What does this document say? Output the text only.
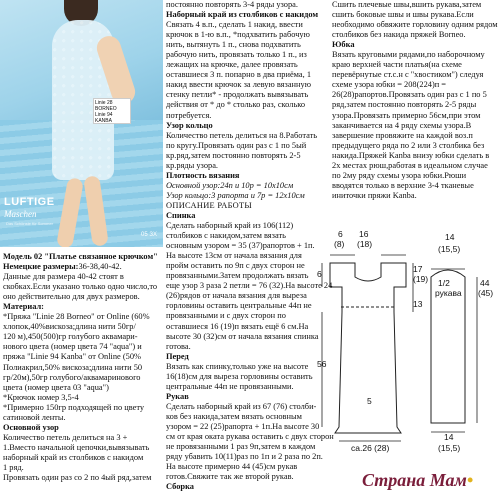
Linie 28 BORNEO
Linie 94 KANBA
LUFTIGE
Maschen
Das Schönste für Sommer
05 ЗХ
Модель 02 "Платье связанное крючком"
Немецкие размеры:36-38,40-42.
Данные для размера 40-42 стоят в
скобках.Если указано только одно число,то
оно действительно для двух размеров.
Материал:
*Пряжа "Linie 28 Borneo" от Online (60%
хлопок,40%вискоза;длина нити 50гр/
120 м),450(500)гр голубого аквамари-
нового цвета (номер цвета 74 "aqua") и
пряжа "Linie 94 Kanba" от Online (50%
Полиакрил,50% вискоза;длина нити 50
гр/20м),50гр голубого/аквамаринового
цвета (номер цвета 03 "aqua")
*Крючок номер 3,5-4
*Примерно 150гр подходящей по цвету
сатиновой ленты.
Основной узор
Количество петель делиться на 3 +
1.Вместо начальной цепочки,вывязывать
наборный край из столбиков с накидом
1 ряд.
Провязать один раз со 2 по 4ый ряд,затем
постоянно повторять 3-4 ряды узора.
Наборный край из столбиков с накидом
Связать 4 в.п., сделать 1 накид, ввести
крючок в 1-ю в.п., *подхватить рабочую
нить, вытянуть 1 п., снова подхватить
рабочую нить, провязать только 1 п., из
лежащих на крючке, далее провязать
оставшиеся 3 п. попарно в два приёма, 1
накид ввести крючок за левую вязанную
стенку петли* - продолжать вывязывать
действия от * до * столько раз, сколько
потребуется.
Узор кольцо
Количество петель делиться на 8.Работать
по кругу.Провязать один раз с 1 по 5ый
кр.ряд,затем постоянно повторять 2-5
кр.ряды узора.
Плотность вязания
Основной узор:24п и 10р = 10x10см
Узор кольцо:3 рапорта и 7р = 12x10см
ОПИСАНИЕ РАБОТЫ
Спинка
Сделать наборный край из 106(112)
столбиков с накидом,затем вязать
основным узором = 35 (37)рапортов + 1п.
На высоте 13см от начала вязания для
пройм оставить по 9п с двух сторон не
провязанными.Затем продолжать вязать
еще узор 3 раза 2 петли = 76 (32).На высоте 24
(26)рядов от начала вязания для выреза
горловины оставить центральные 44п не
провязанными и с двух сторон по
оставшиеся 16 (19)п вязать ещё 6 см.На
высоте 30 (32)см от начала вязания спинка
готова.
Перед
Вязать как спинку,только уже на высоте
16(18)см для выреза горловины оставить
центральные 44п не провязанными.
Рукав
Сделать наборный край из 67 (76) столби-
ков без накида,затем вязать основным
узором = 22 (25)рапорта + 1п.На высоте 30
см от края оката рукава оставить с двух сторон
не провязанными 1 раз 9п,затем в каждом
ряду убавить 10(11)раз по 1п и 2 раза по 2п.
На высоте примерно 44 (45)см рукав
готов.Свяжите так же второй рукав.
Сборка
Сшить плечевые швы,вшить рукава,затем
сшить боковые швы и швы рукава.Если
необходимо обвяжите горловину одним рядом
столбиков без накида пряжей Borneo.
Юбка
Вязать круговыми рядами,по наборочному
краю верхней части платья(на схеме
перевёрнутые ст.с.н с "хвостиком") следуя
схеме узора юбки = 208(224)п =
26(28)рапортов.Провязать один раз с 1 по 5
ряд,затем постоянно повторять 2-5 ряды
узора.Провязать примерно 56см,при этом
заканчивается на 4 ряду схемы узора.В
завершение провяжите на каждой воз.п
предыдущего ряда по 2 или 3 столбика без
накида.Пряжей Kanba внизу юбки сделать в
2х местах рюш,работая в идеальном случае
по 2му ряду схемы узора юбки.Рюши
вводятся только в верхние 3-4 тканевые
иниточки пряжи Kanba.
6
(8)
16
(18)
6	17
(19)
13
14
(15,5)
44
(45)
1/2
рукава
56
5
ca.26 (28)
14
(15,5)
Страна Мам•
